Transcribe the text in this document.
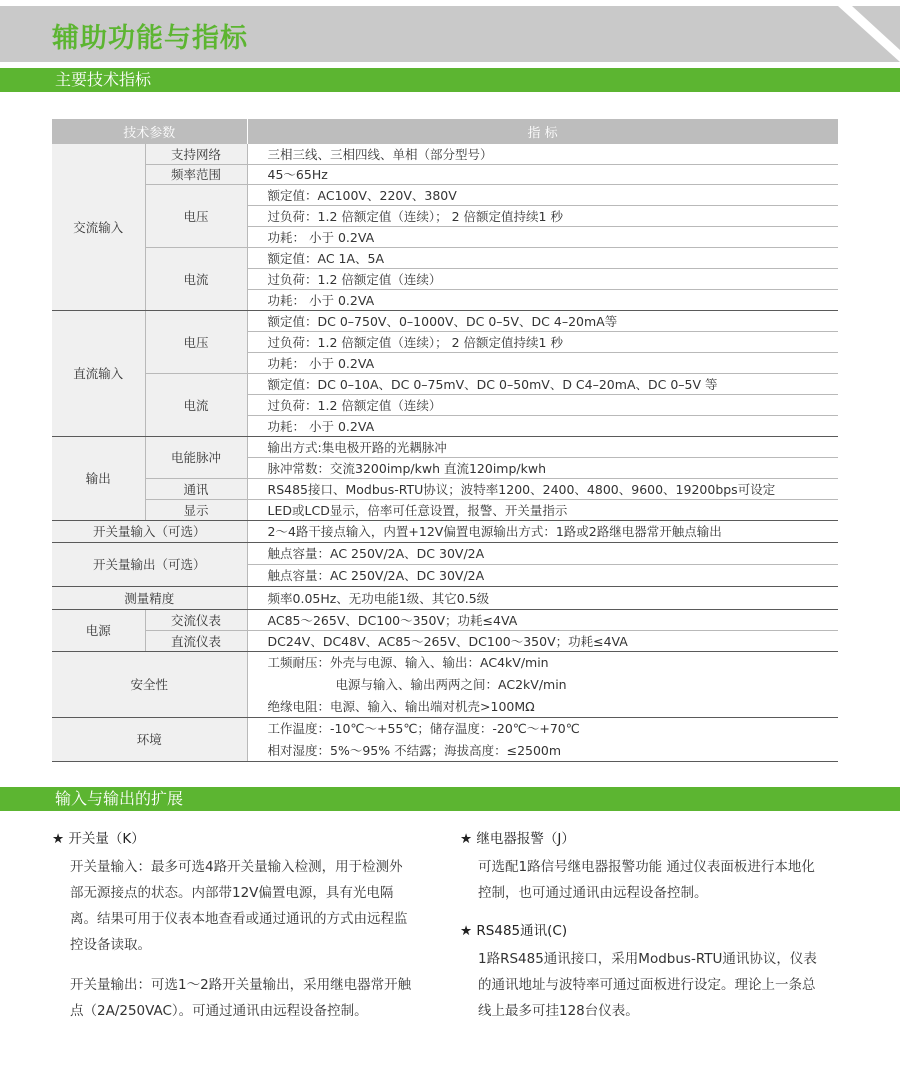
辅助功能与指标
主要技术指标
技术参数		指 标
交流输入	支持网络	三相三线、三相四线、单相（部分型号）
	频率范围	45～65Hz
	电压	额定值：AC100V、220V、380V
		过负荷：1.2 倍额定值（连续）； 2 倍额定值持续1 秒
		功耗： 小于 0.2VA
	电流	额定值：AC 1A、5A
		过负荷：1.2 倍额定值（连续）
		功耗： 小于 0.2VA
直流输入	电压	额定值：DC 0–750V、0–1000V、DC 0–5V、DC 4–20mA等
		过负荷：1.2 倍额定值（连续）； 2 倍额定值持续1 秒
		功耗： 小于 0.2VA
	电流	额定值：DC 0–10A、DC 0–75mV、DC 0–50mV、D C4–20mA、DC 0–5V 等
		过负荷：1.2 倍额定值（连续）
		功耗： 小于 0.2VA
输出	电能脉冲	输出方式:集电极开路的光耦脉冲
		脉冲常数：交流3200imp/kwh 直流120imp/kwh
	通讯	RS485接口、Modbus-RTU协议；波特率1200、2400、4800、9600、19200bps可设定
	显示	LED或LCD显示，倍率可任意设置，报警、开关量指示
开关量输入（可选）		2～4路干接点输入，内置+12V偏置电源输出方式：1路或2路继电器常开触点输出
开关量输出（可选）		触点容量：AC 250V/2A、DC 30V/2A
		触点容量：AC 250V/2A、DC 30V/2A
测量精度		频率0.05Hz、无功电能1级、其它0.5级
电源	交流仪表	AC85～265V、DC100～350V；功耗≤4VA
	直流仪表	DC24V、DC48V、AC85～265V、DC100～350V；功耗≤4VA
安全性		工频耐压：外壳与电源、输入、输出：AC4kV/min
		电源与输入、输出两两之间：AC2kV/min
		绝缘电阻：电源、输入、输出端对机壳>100MΩ
环境		工作温度：-10℃～+55℃；储存温度：-20℃～+70℃
		相对湿度：5%～95% 不结露；海拔高度：≤2500m
输入与输出的扩展

★ 开关量（K）

开关量输入：最多可选4路开关量输入检测，用于检测外部无源接点的状态。内部带12V偏置电源，具有光电隔离。结果可用于仪表本地查看或通过通讯的方式由远程监控设备读取。

开关量输出：可选1～2路开关量输出，采用继电器常开触点（2A/250VAC）。可通过通讯由远程设备控制。

★ 继电器报警（J）

可选配1路信号继电器报警功能 通过仪表面板进行本地化控制，也可通过通讯由远程设备控制。

★ RS485通讯(C)

1路RS485通讯接口，采用Modbus-RTU通讯协议，仪表的通讯地址与波特率可通过面板进行设定。理论上一条总线上最多可挂128台仪表。
